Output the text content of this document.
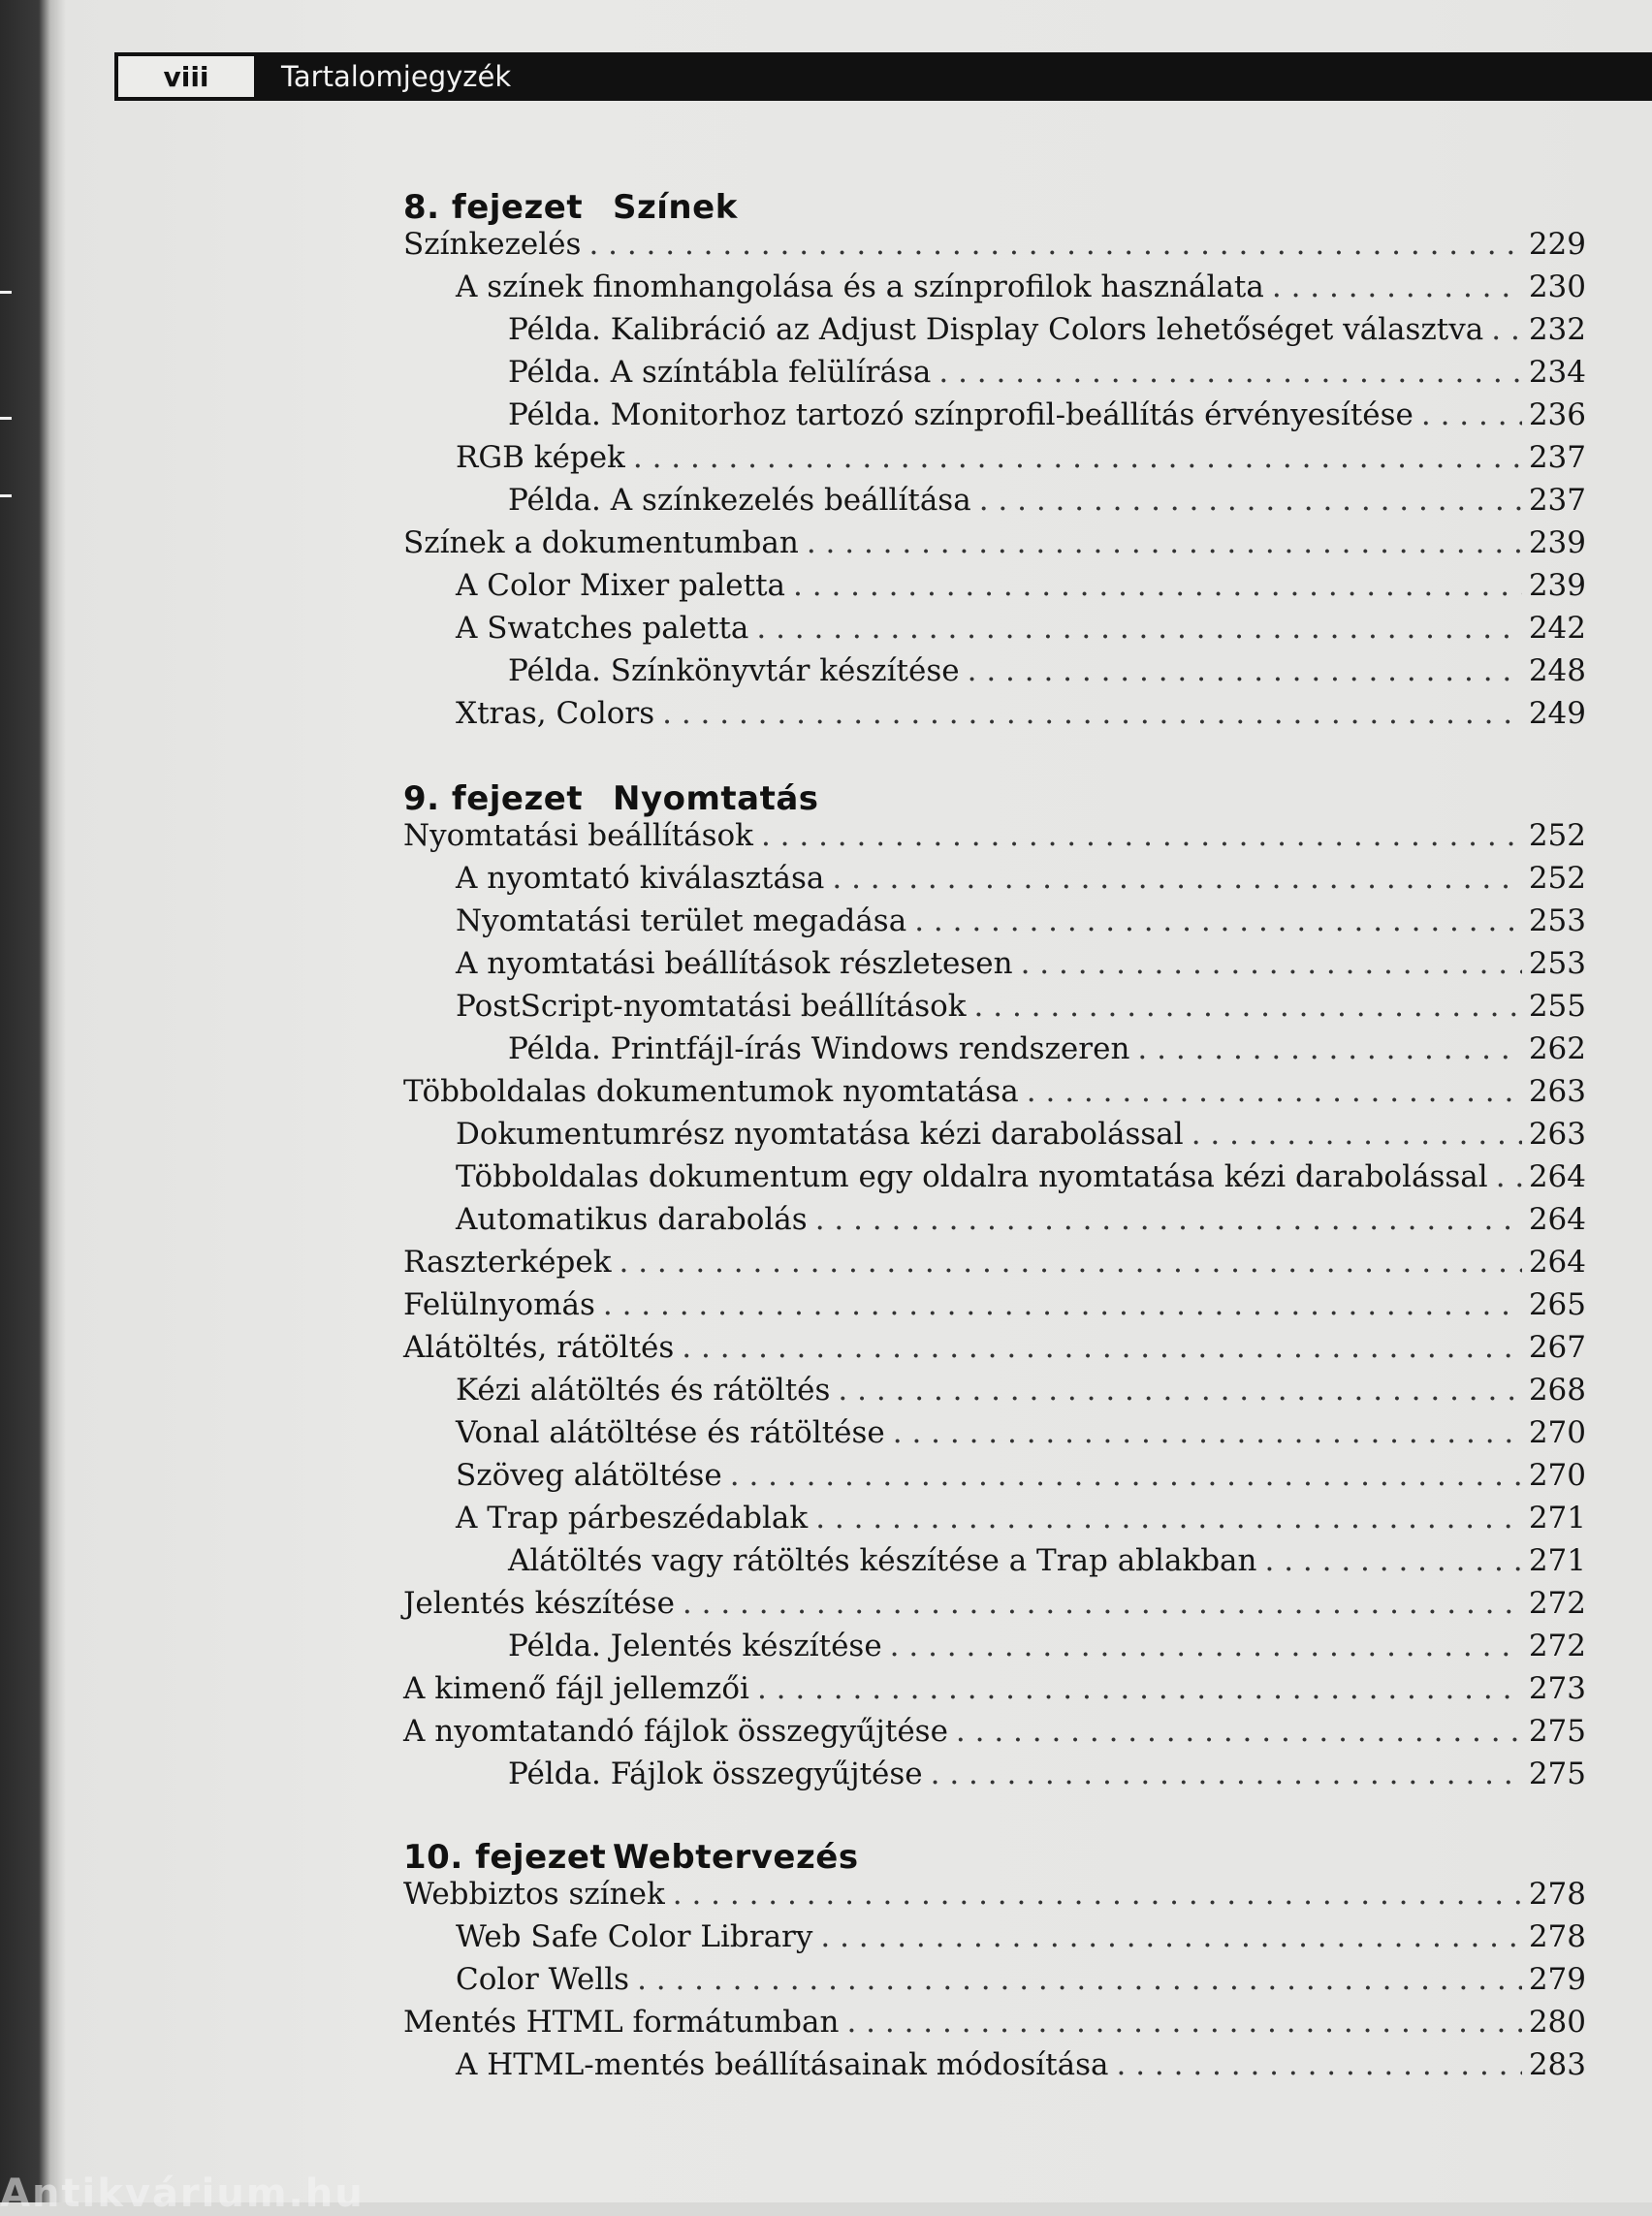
viii	Tartalomjegyzék
8. fejezet Színek
Színkezelés . . .	229
A színek finomhangolása és a színprofilok használata . . .	230
Példa. Kalibráció az Adjust Display Colors lehetőséget választva . . . 232
Példa. A színtábla felülírása . . .	234
Példa. Monitorhoz tartozó színprofil-beállítás érvényesítése . . .	236
RGB képek . . .	237
Példa. A színkezelés beállítása . . .	237
Színek a dokumentumban . . .	239
A Color Mixer paletta . . .	239
A Swatches paletta . . .	242
Példa. Színkönyvtár készítése . . .	248
Xtras, Colors . . .	249
9. fejezet Nyomtatás
Nyomtatási beállítások . . .	252
A nyomtató kiválasztása . . .	252
Nyomtatási terület megadása . . .	253
A nyomtatási beállítások részletesen . . .	253
PostScript-nyomtatási beállítások . . .	255
Példa. Printfájl-írás Windows rendszeren . . .	262
Többoldalas dokumentumok nyomtatása . . .	263
Dokumentumrész nyomtatása kézi darabolással . . .	263
Többoldalas dokumentum egy oldalra nyomtatása kézi darabolással . . . 264
Automatikus darabolás . . .	264
Raszterképek . . .	264
Felülnyomás . . .	265
Alátöltés, rátöltés . . .	267
Kézi alátöltés és rátöltés . . .	268
Vonal alátöltése és rátöltése . . .	270
Szöveg alátöltése . . .	270
A Trap párbeszédablak . . .	271
Alátöltés vagy rátöltés készítése a Trap ablakban . . .	271
Jelentés készítése . . .	272
Példa. Jelentés készítése . . .	272
A kimenő fájl jellemzői . . .	273
A nyomtatandó fájlok összegyűjtése . . .	275
Példa. Fájlok összegyűjtése . . .	275
10. fejezet Webtervezés
Webbiztos színek . . .	278
Web Safe Color Library . . .	278
Color Wells . . .	279
Mentés HTML formátumban . . .	280
A HTML-mentés beállításainak módosítása . . .	283
Antikvárium.hu
